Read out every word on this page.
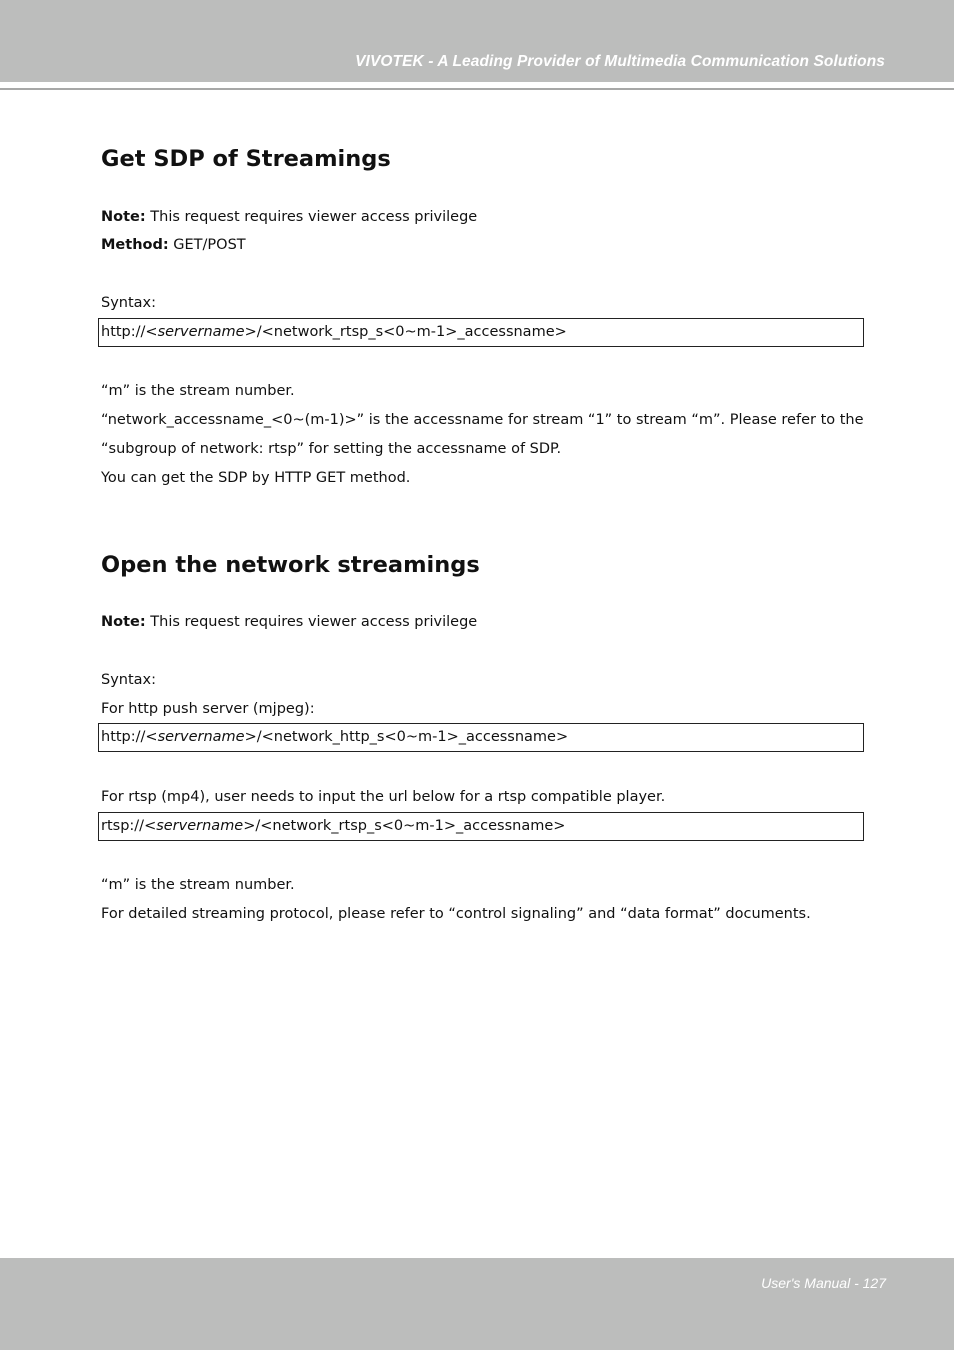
VIVOTEK - A Leading Provider of Multimedia Communication Solutions
Get SDP of Streamings
Note: This request requires viewer access privilege
Method: GET/POST
Syntax:
http://<servername>/<network_rtsp_s<0~m-1>_accessname>
“m” is the stream number.
“network_accessname_<0~(m-1)>” is the accessname for stream “1” to stream “m”. Please refer to the
“subgroup of network: rtsp” for setting the accessname of SDP.
You can get the SDP by HTTP GET method.
Open the network streamings
Note: This request requires viewer access privilege
Syntax:
For http push server (mjpeg):
http://<servername>/<network_http_s<0~m-1>_accessname>
For rtsp (mp4), user needs to input the url below for a rtsp compatible player.
rtsp://<servername>/<network_rtsp_s<0~m-1>_accessname>
“m” is the stream number.
For detailed streaming protocol, please refer to “control signaling” and “data format” documents.
User's Manual - 127
